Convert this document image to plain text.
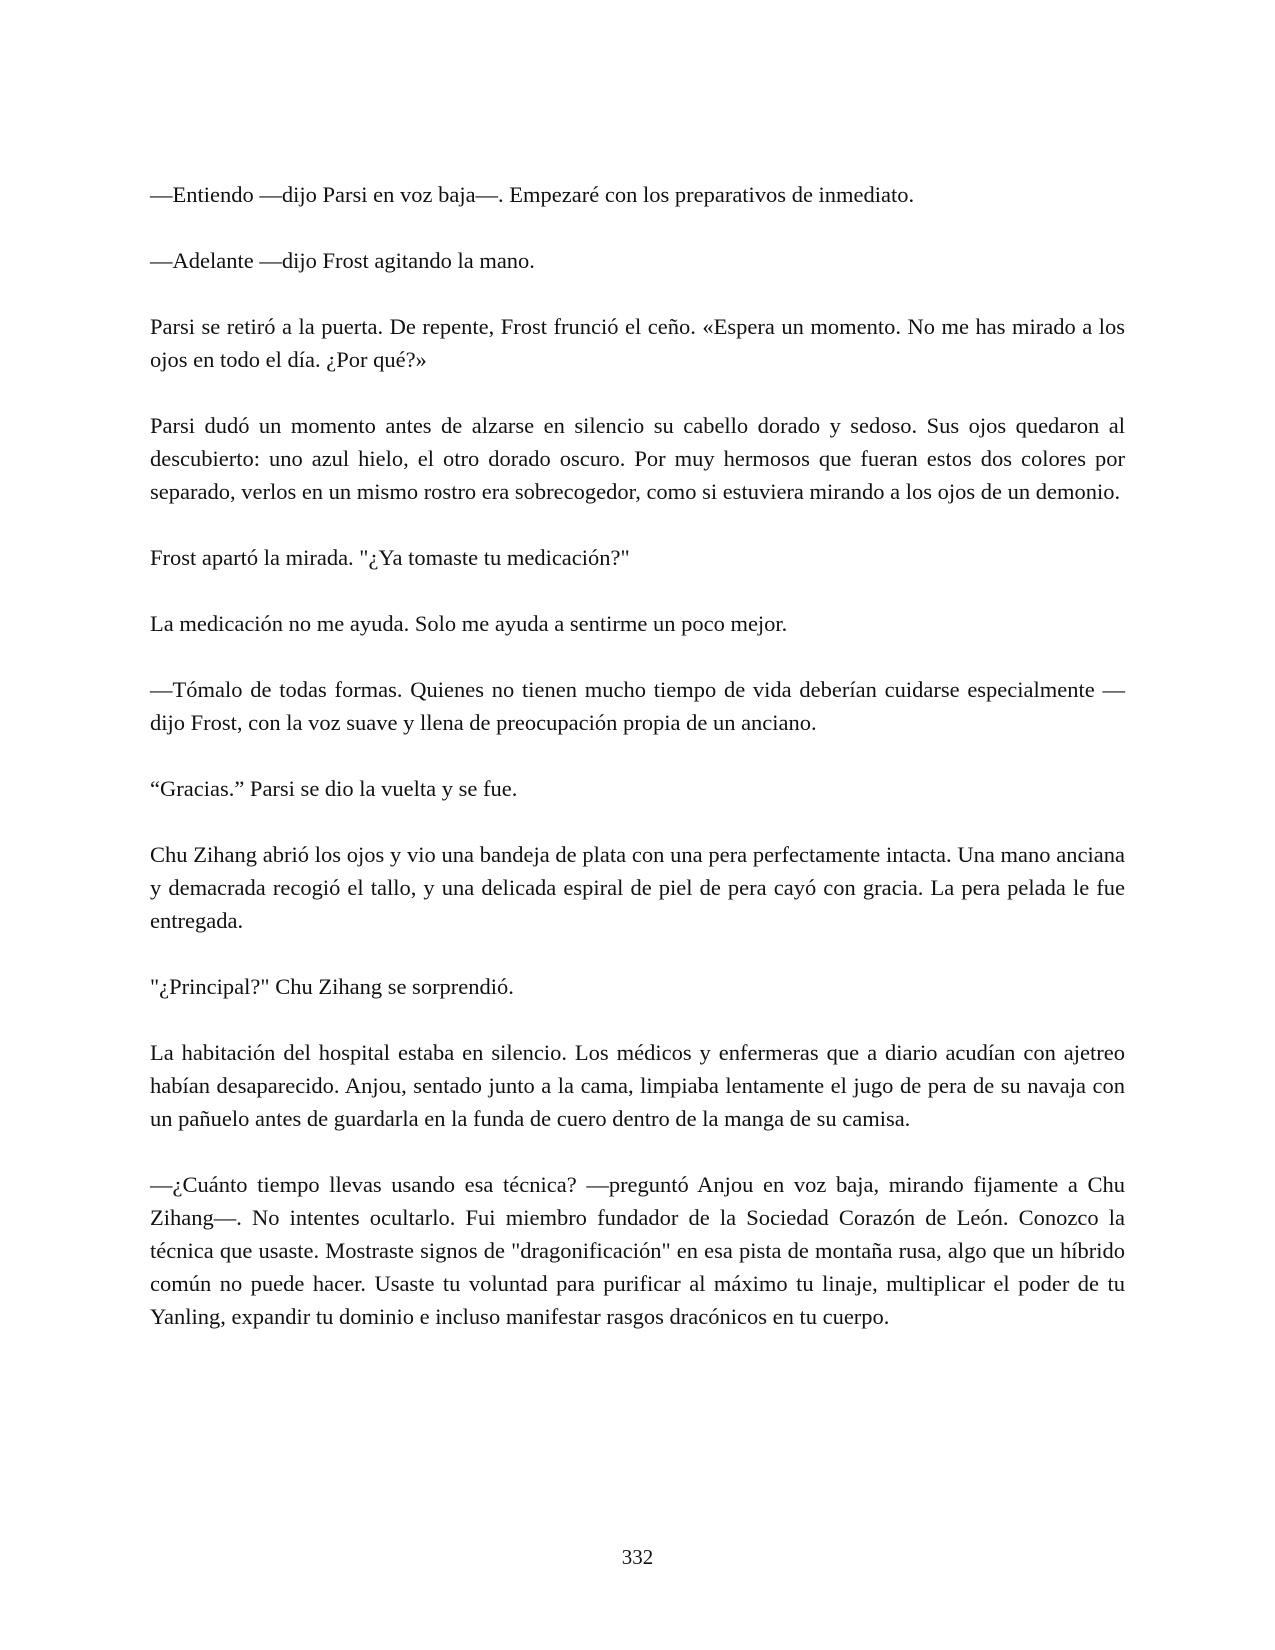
—Entiendo —dijo Parsi en voz baja—. Empezaré con los preparativos de inmediato.

—Adelante —dijo Frost agitando la mano.

Parsi se retiró a la puerta. De repente, Frost frunció el ceño. «Espera un momento. No me has mirado a los ojos en todo el día. ¿Por qué?»

Parsi dudó un momento antes de alzarse en silencio su cabello dorado y sedoso. Sus ojos quedaron al descubierto: uno azul hielo, el otro dorado oscuro. Por muy hermosos que fueran estos dos colores por separado, verlos en un mismo rostro era sobrecogedor, como si estuviera mirando a los ojos de un demonio.

Frost apartó la mirada. "¿Ya tomaste tu medicación?"

La medicación no me ayuda. Solo me ayuda a sentirme un poco mejor.

—Tómalo de todas formas. Quienes no tienen mucho tiempo de vida deberían cuidarse especialmente —dijo Frost, con la voz suave y llena de preocupación propia de un anciano.

“Gracias.” Parsi se dio la vuelta y se fue.

Chu Zihang abrió los ojos y vio una bandeja de plata con una pera perfectamente intacta. Una mano anciana y demacrada recogió el tallo, y una delicada espiral de piel de pera cayó con gracia. La pera pelada le fue entregada.

"¿Principal?" Chu Zihang se sorprendió.

La habitación del hospital estaba en silencio. Los médicos y enfermeras que a diario acudían con ajetreo habían desaparecido. Anjou, sentado junto a la cama, limpiaba lentamente el jugo de pera de su navaja con un pañuelo antes de guardarla en la funda de cuero dentro de la manga de su camisa.

—¿Cuánto tiempo llevas usando esa técnica? —preguntó Anjou en voz baja, mirando fijamente a Chu Zihang—. No intentes ocultarlo. Fui miembro fundador de la Sociedad Corazón de León. Conozco la técnica que usaste. Mostraste signos de "dragonificación" en esa pista de montaña rusa, algo que un híbrido común no puede hacer. Usaste tu voluntad para purificar al máximo tu linaje, multiplicar el poder de tu Yanling, expandir tu dominio e incluso manifestar rasgos dracónicos en tu cuerpo.

332
